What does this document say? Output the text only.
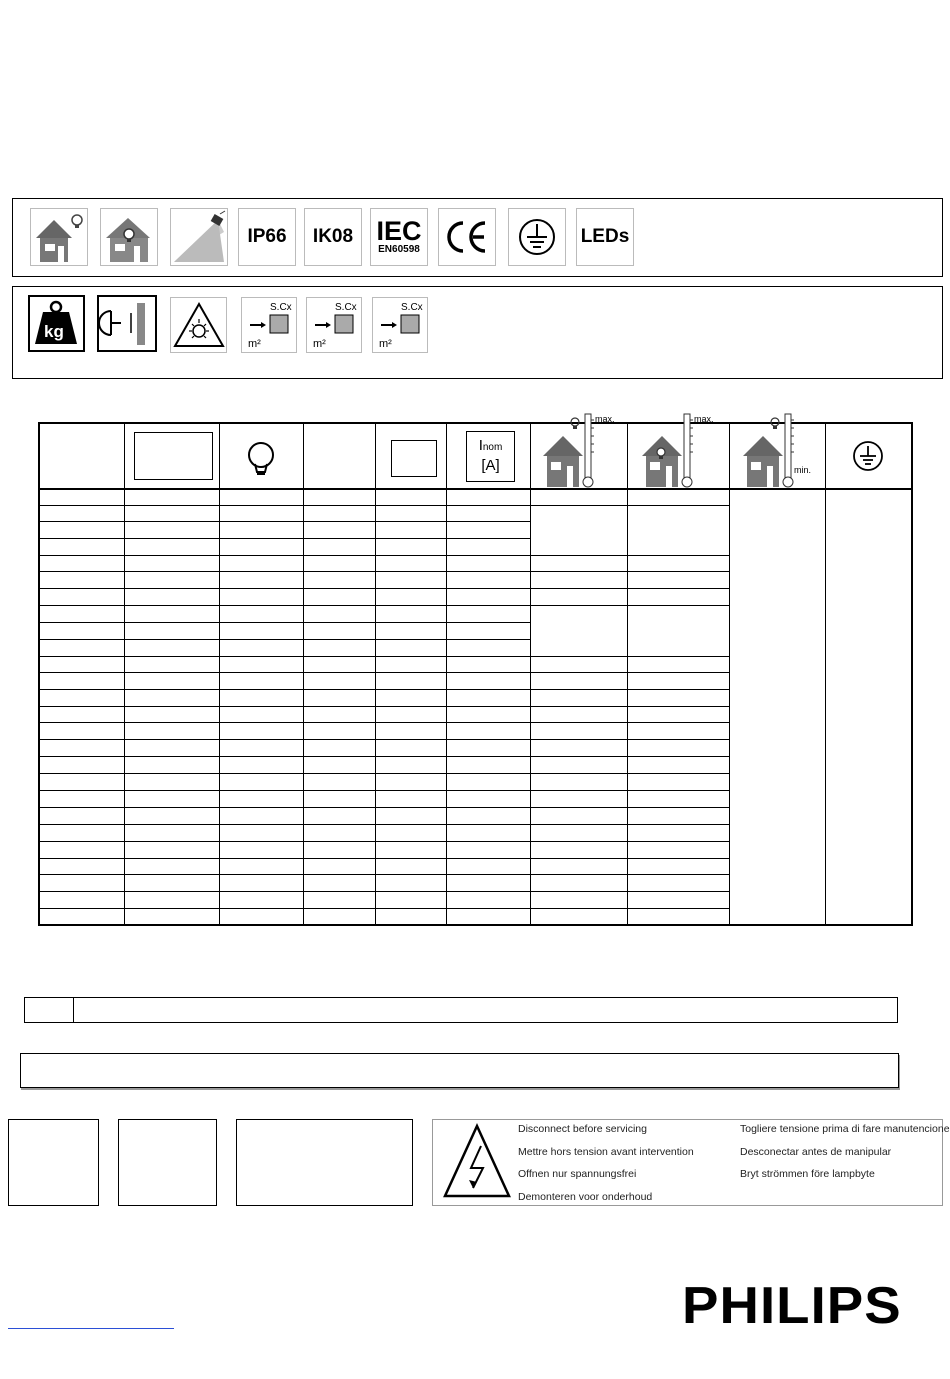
IP66 IK08 IEC
EN60598
LEDs
kg
S.Cx
m²
S.Cx
m²
S.Cx
m²
Inom
[A]
max.	max.
min.
Disconnect before servicing
Mettre hors tension avant intervention
Offnen nur spannungsfrei
Demonteren voor onderhoud
Togliere tensione prima di fare manutencione
Desconectar antes de manipular
Bryt strömmen före lampbyte
PHILIPS
